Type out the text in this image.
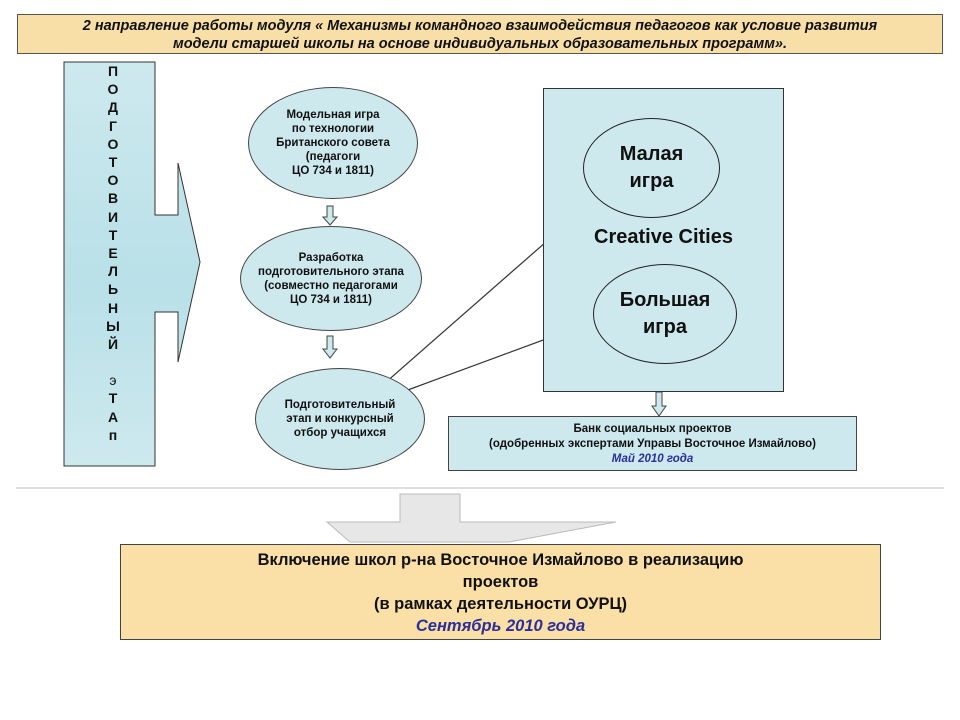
2 направление работы модуля « Механизмы командного взаимодействия педагогов как условие развития
модели старшей школы на основе индивидуальных образовательных программ».
П
О
Д
Г
О
Т
О
В
И
Т
Е
Л
Ь
Н
Ы
Й
э
Т
А
п
Модельная игра
по технологии
Британского совета
(педагоги
ЦО 734 и 1811)
Разработка
подготовительного этапа
(совместно педагогами
ЦО 734 и 1811)
Подготовительный
этап и конкурсный
отбор учащихся
Малая
игра
Creative Cities
Большая
игра
Банк социальных проектов
(одобренных экспертами Управы Восточное Измайлово)
Май 2010 года
Включение школ р-на Восточное Измайлово в реализацию
проектов
(в рамках деятельности ОУРЦ)
Сентябрь 2010 года
